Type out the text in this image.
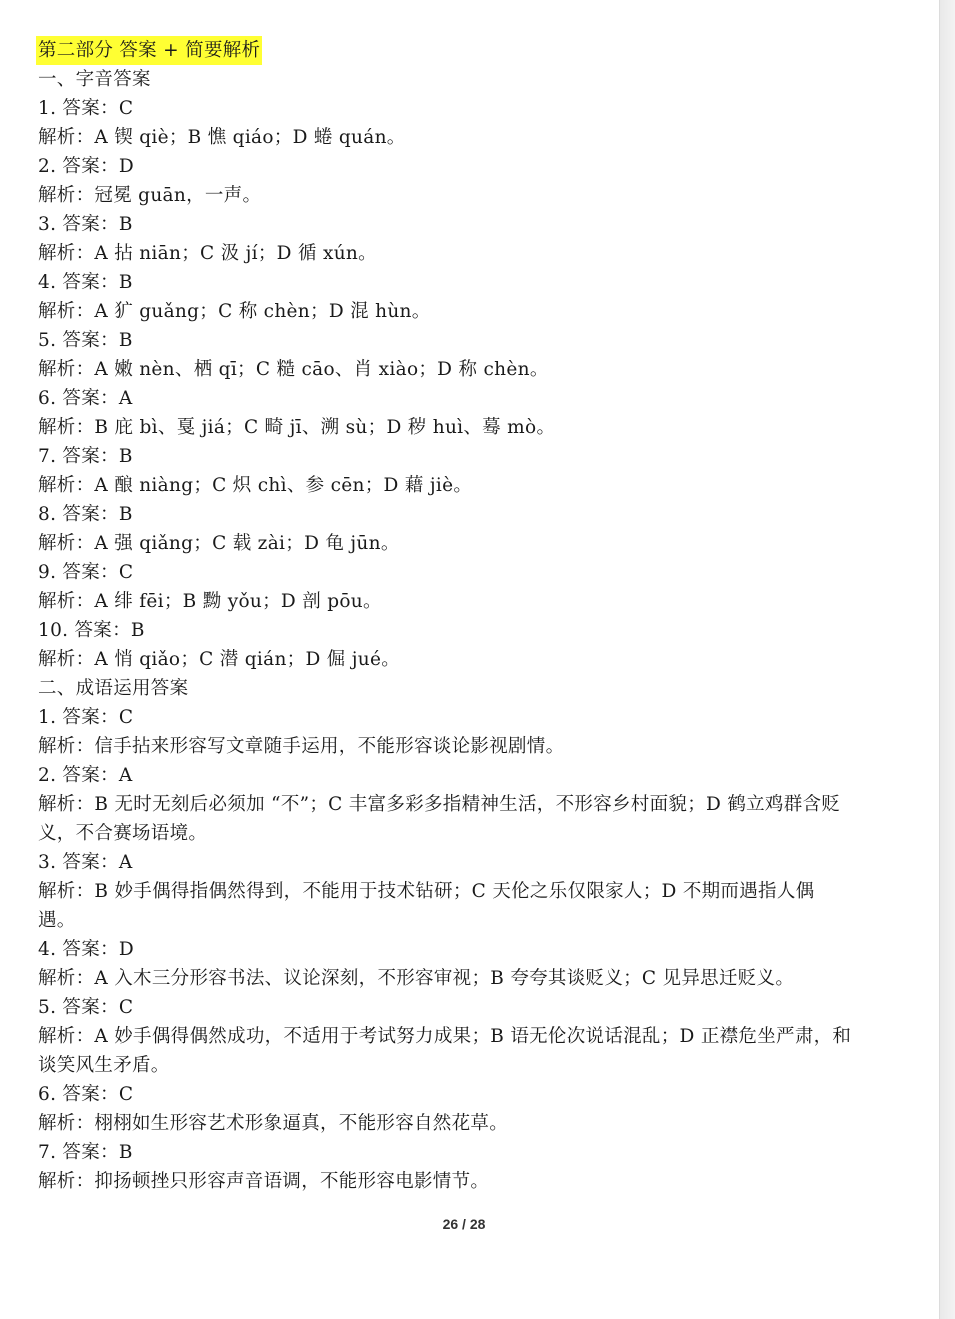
第二部分 答案 + 简要解析

一、字音答案

1. 答案：C

解析：A 锲 qiè；B 憔 qiáo；D 蜷 quán。

2. 答案：D

解析：冠冕 guān，一声。

3. 答案：B

解析：A 拈 niān；C 汲 jí；D 循 xún。

4. 答案：B

解析：A 犷 guǎng；C 称 chèn；D 混 hùn。

5. 答案：B

解析：A 嫩 nèn、栖 qī；C 糙 cāo、肖 xiào；D 称 chèn。

6. 答案：A

解析：B 庇 bì、戛 jiá；C 畸 jī、溯 sù；D 秽 huì、蓦 mò。

7. 答案：B

解析：A 酿 niàng；C 炽 chì、参 cēn；D 藉 jiè。

8. 答案：B

解析：A 强 qiǎng；C 载 zài；D 龟 jūn。

9. 答案：C

解析：A 绯 fēi；B 黝 yǒu；D 剖 pōu。

10. 答案：B

解析：A 悄 qiǎo；C 潜 qián；D 倔 jué。

二、成语运用答案

1. 答案：C

解析：信手拈来形容写文章随手运用，不能形容谈论影视剧情。

2. 答案：A

解析：B 无时无刻后必须加 “不”；C 丰富多彩多指精神生活，不形容乡村面貌；D 鹤立鸡群含贬

义，不合赛场语境。

3. 答案：A

解析：B 妙手偶得指偶然得到，不能用于技术钻研；C 天伦之乐仅限家人；D 不期而遇指人偶

遇。

4. 答案：D

解析：A 入木三分形容书法、议论深刻，不形容审视；B 夸夸其谈贬义；C 见异思迁贬义。

5. 答案：C

解析：A 妙手偶得偶然成功，不适用于考试努力成果；B 语无伦次说话混乱；D 正襟危坐严肃，和

谈笑风生矛盾。

6. 答案：C

解析：栩栩如生形容艺术形象逼真，不能形容自然花草。

7. 答案：B

解析：抑扬顿挫只形容声音语调，不能形容电影情节。

26 / 28
